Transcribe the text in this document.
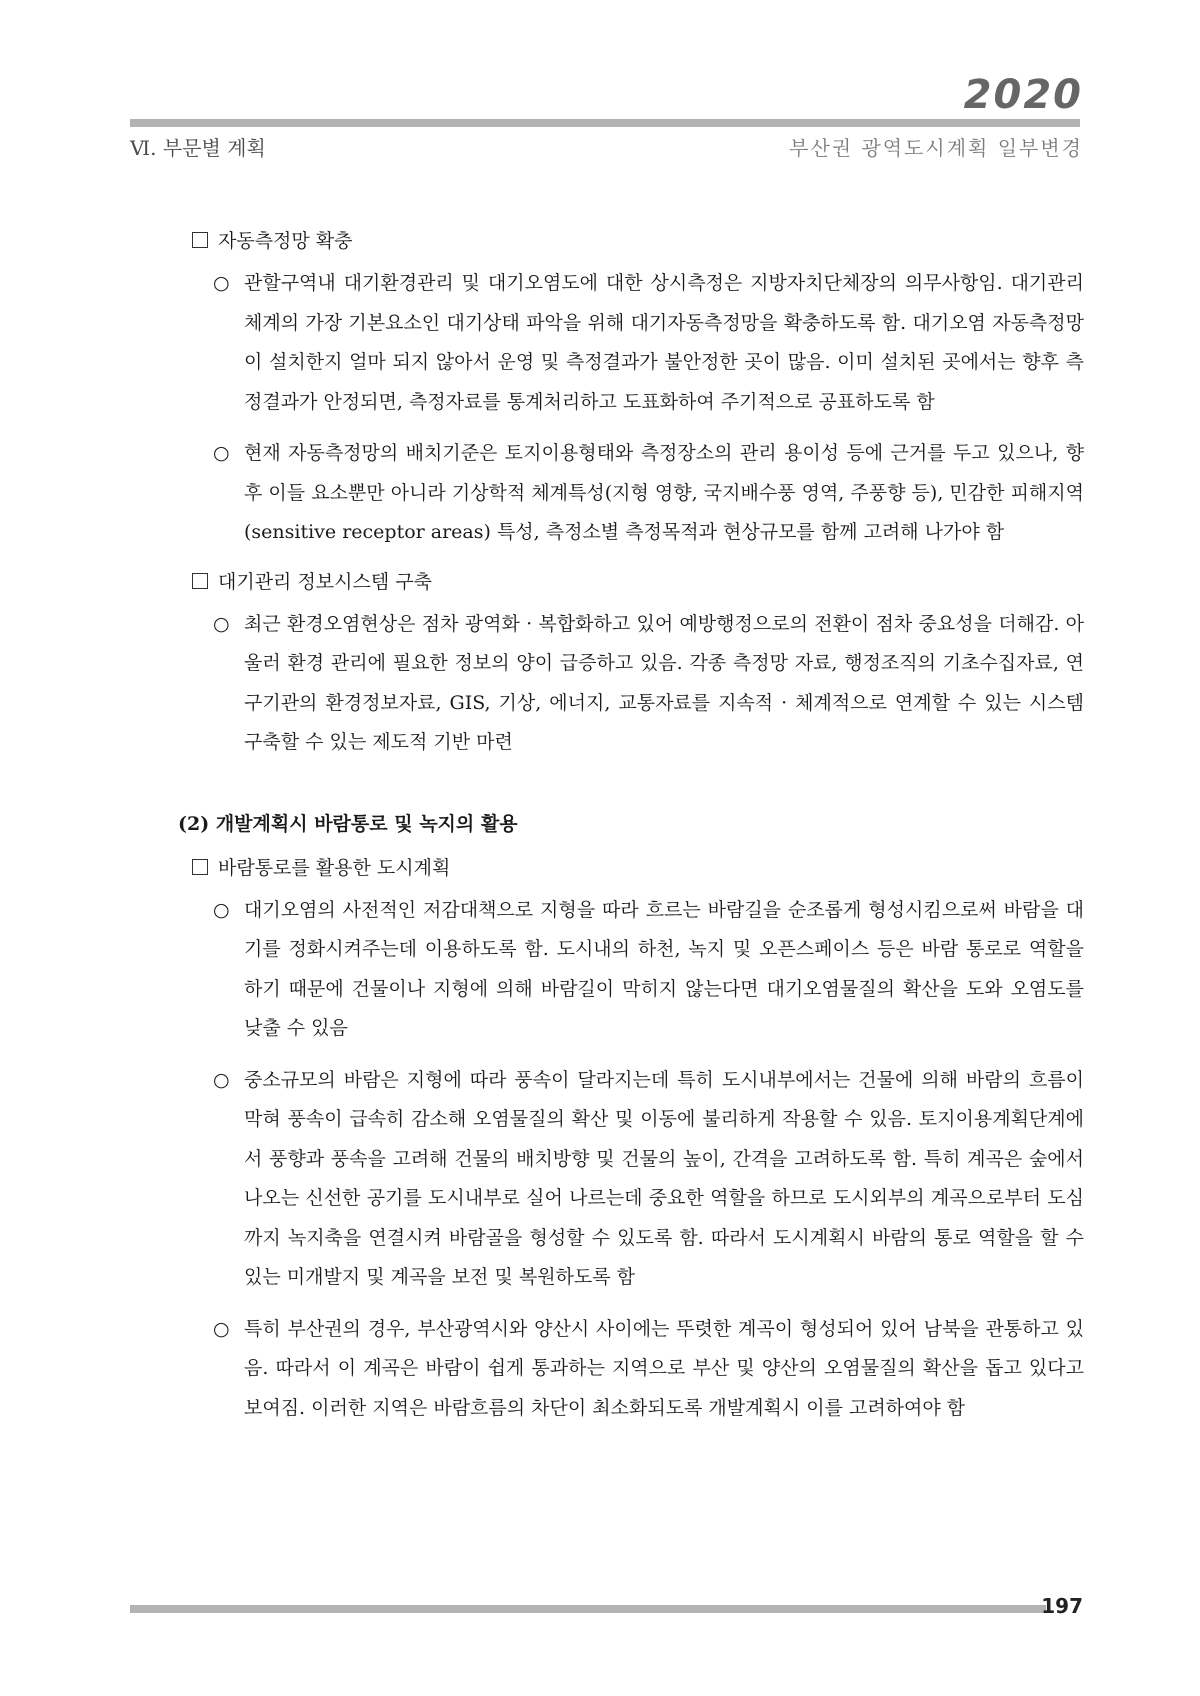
2020
Ⅵ. 부문별 계획	부산권 광역도시계획 일부변경
자동측정망 확충
○ 관할구역내 대기환경관리 및 대기오염도에 대한 상시측정은 지방자치단체장의 의무사항임. 대기관리체계의 가장 기본요소인 대기상태 파악을 위해 대기자동측정망을 확충하도록 함. 대기오염 자동측정망이 설치한지 얼마 되지 않아서 운영 및 측정결과가 불안정한 곳이 많음. 이미 설치된 곳에서는 향후 측정결과가 안정되면, 측정자료를 통계처리하고 도표화하여 주기적으로 공표하도록 함

○ 현재 자동측정망의 배치기준은 토지이용형태와 측정장소의 관리 용이성 등에 근거를 두고 있으나, 향후 이들 요소뿐만 아니라 기상학적 체계특성(지형 영향, 국지배수풍 영역, 주풍향 등), 민감한 피해지역(sensitive receptor areas) 특성, 측정소별 측정목적과 현상규모를 함께 고려해 나가야 함

대기관리 정보시스템 구축
○ 최근 환경오염현상은 점차 광역화 · 복합화하고 있어 예방행정으로의 전환이 점차 중요성을 더해감. 아울러 환경 관리에 필요한 정보의 양이 급증하고 있음. 각종 측정망 자료, 행정조직의 기초수집자료, 연구기관의 환경정보자료, GIS, 기상, 에너지, 교통자료를 지속적 · 체계적으로 연계할 수 있는 시스템 구축할 수 있는 제도적 기반 마련

(2) 개발계획시 바람통로 및 녹지의 활용
바람통로를 활용한 도시계획
○ 대기오염의 사전적인 저감대책으로 지형을 따라 흐르는 바람길을 순조롭게 형성시킴으로써 바람을 대기를 정화시켜주는데 이용하도록 함. 도시내의 하천, 녹지 및 오픈스페이스 등은 바람 통로로 역할을 하기 때문에 건물이나 지형에 의해 바람길이 막히지 않는다면 대기오염물질의 확산을 도와 오염도를 낮출 수 있음

○ 중소규모의 바람은 지형에 따라 풍속이 달라지는데 특히 도시내부에서는 건물에 의해 바람의 흐름이 막혀 풍속이 급속히 감소해 오염물질의 확산 및 이동에 불리하게 작용할 수 있음. 토지이용계획단계에서 풍향과 풍속을 고려해 건물의 배치방향 및 건물의 높이, 간격을 고려하도록 함. 특히 계곡은 숲에서 나오는 신선한 공기를 도시내부로 실어 나르는데 중요한 역할을 하므로 도시외부의 계곡으로부터 도심까지 녹지축을 연결시켜 바람골을 형성할 수 있도록 함. 따라서 도시계획시 바람의 통로 역할을 할 수 있는 미개발지 및 계곡을 보전 및 복원하도록 함

○ 특히 부산권의 경우, 부산광역시와 양산시 사이에는 뚜렷한 계곡이 형성되어 있어 남북을 관통하고 있음. 따라서 이 계곡은 바람이 쉽게 통과하는 지역으로 부산 및 양산의 오염물질의 확산을 돕고 있다고 보여짐. 이러한 지역은 바람흐름의 차단이 최소화되도록 개발계획시 이를 고려하여야 함

197
